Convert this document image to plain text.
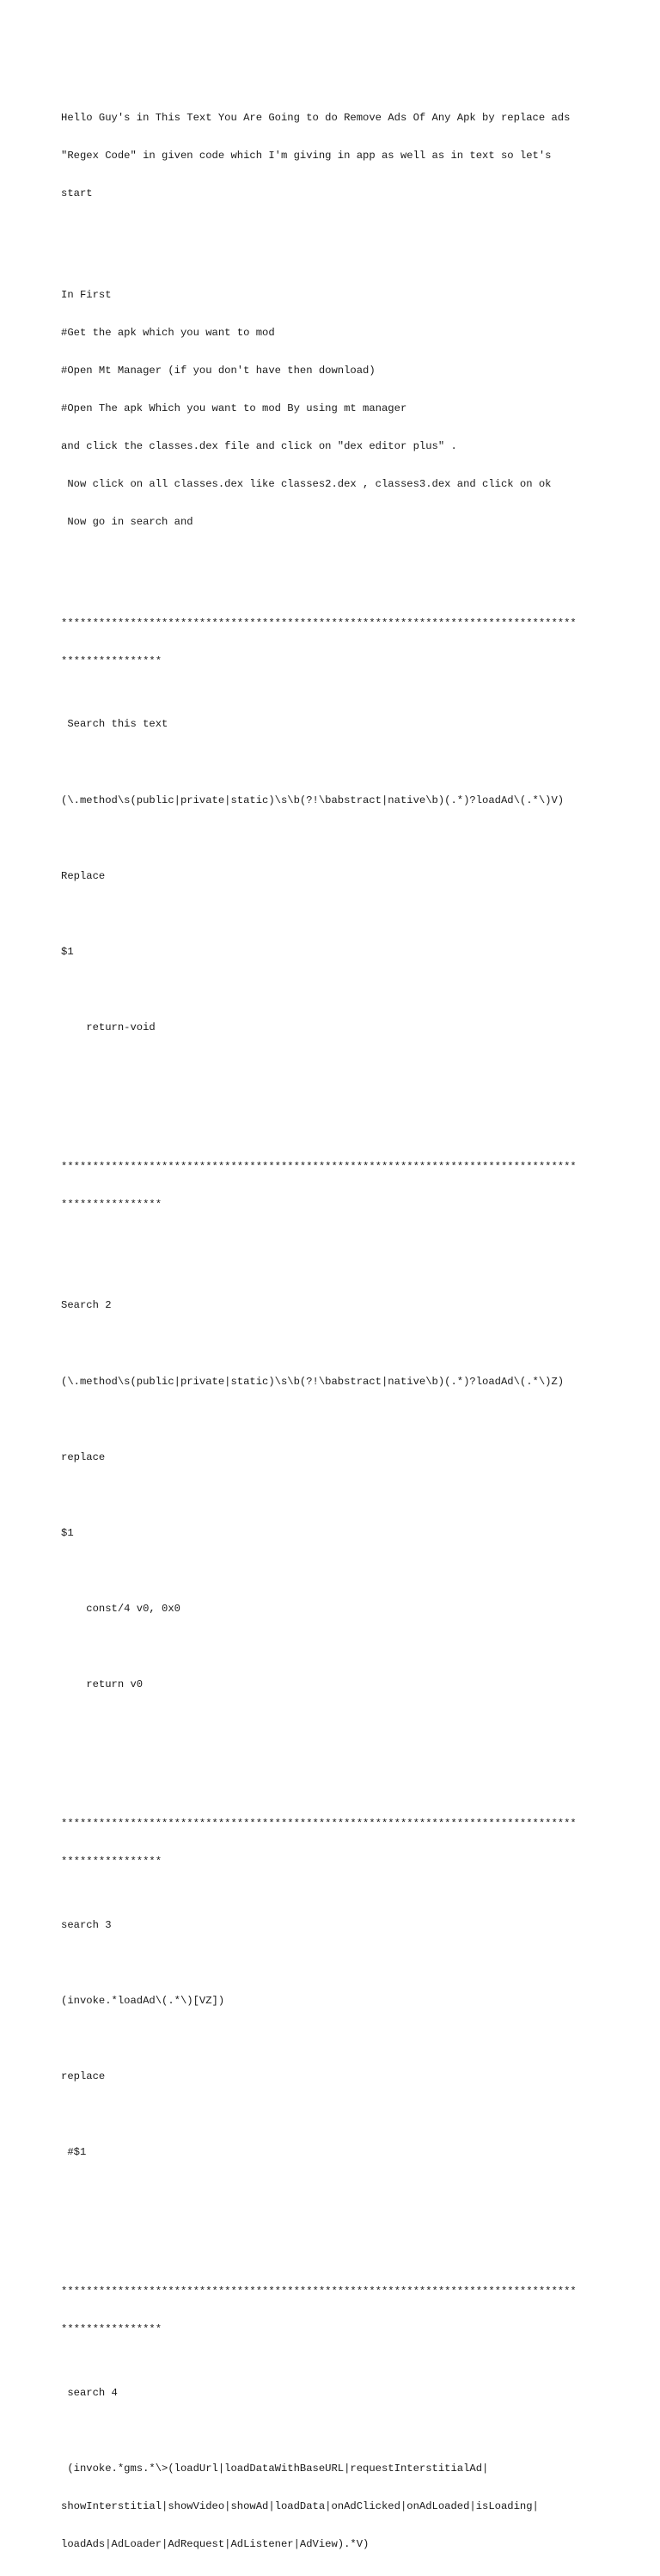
Hello Guy's in This Text You Are Going to do Remove Ads Of Any Apk by replace ads

"Regex Code" in given code which I'm giving in app as well as in text so let's

start

In First

#Get the apk which you want to mod

#Open Mt Manager (if you don't have then download)

#Open The apk Which you want to mod By using mt manager

and click the classes.dex file and click on "dex editor plus" .

Now click on all classes.dex like classes2.dex , classes3.dex and click on ok

Now go in search and

**********************************************************************************

****************

Search this text

(\.method\s(public|private|static)\s\b(?!\babstract|native\b)(.*)?loadAd\(.*\)V)

Replace

$1

return-void

**********************************************************************************

****************

Search 2

(\.method\s(public|private|static)\s\b(?!\babstract|native\b)(.*)?loadAd\(.*\)Z)

replace

$1

const/4 v0, 0x0

return v0

**********************************************************************************

****************

search 3

(invoke.*loadAd\(.*\)[VZ])

replace

#$1

**********************************************************************************

****************

search 4

(invoke.*gms.*\>(loadUrl|loadDataWithBaseURL|requestInterstitialAd|

showInterstitial|showVideo|showAd|loadData|onAdClicked|onAdLoaded|isLoading|

loadAds|AdLoader|AdRequest|AdListener|AdView).*V)
